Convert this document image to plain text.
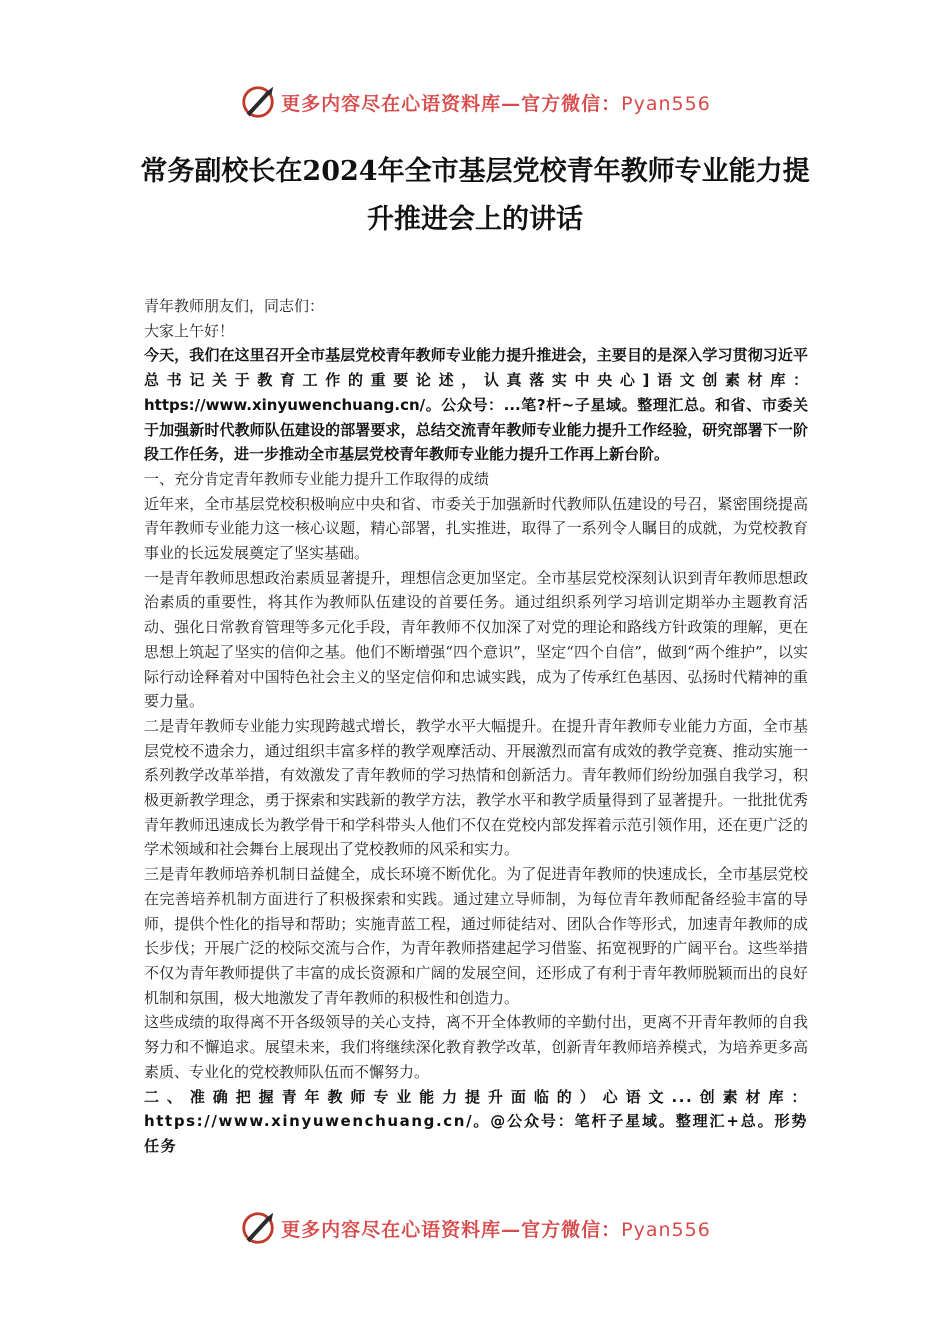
更多内容尽在心语资料库—官方微信：Pyan556
常务副校长在2024年全市基层党校青年教师专业能力提升推进会上的讲话

青年教师朋友们，同志们：

大家上午好！

今天，我们在这里召开全市基层党校青年教师专业能力提升推进会，主要目的是深入学习贯彻习近平总书记关于教育工作的重要论述，认真落实中央心]语文创素材库：https://www.xinyuwenchuang.cn/。公众号：...笔?杆~子星域。整理汇总。和省、市委关于加强新时代教师队伍建设的部署要求，总结交流青年教师专业能力提升工作经验，研究部署下一阶段工作任务，进一步推动全市基层党校青年教师专业能力提升工作再上新台阶。

一、充分肯定青年教师专业能力提升工作取得的成绩

近年来，全市基层党校积极响应中央和省、市委关于加强新时代教师队伍建设的号召，紧密围绕提高青年教师专业能力这一核心议题，精心部署，扎实推进，取得了一系列令人瞩目的成就，为党校教育事业的长远发展奠定了坚实基础。

一是青年教师思想政治素质显著提升，理想信念更加坚定。全市基层党校深刻认识到青年教师思想政治素质的重要性，将其作为教师队伍建设的首要任务。通过组织系列学习培训定期举办主题教育活动、强化日常教育管理等多元化手段，青年教师不仅加深了对党的理论和路线方针政策的理解，更在思想上筑起了坚实的信仰之基。他们不断增强“四个意识”，坚定“四个自信”，做到“两个维护”，以实际行动诠释着对中国特色社会主义的坚定信仰和忠诚实践，成为了传承红色基因、弘扬时代精神的重要力量。

二是青年教师专业能力实现跨越式增长，教学水平大幅提升。在提升青年教师专业能力方面，全市基层党校不遗余力，通过组织丰富多样的教学观摩活动、开展激烈而富有成效的教学竞赛、推动实施一系列教学改革举措，有效激发了青年教师的学习热情和创新活力。青年教师们纷纷加强自我学习，积极更新教学理念，勇于探索和实践新的教学方法，教学水平和教学质量得到了显著提升。一批批优秀青年教师迅速成长为教学骨干和学科带头人他们不仅在党校内部发挥着示范引领作用，还在更广泛的学术领域和社会舞台上展现出了党校教师的风采和实力。

三是青年教师培养机制日益健全，成长环境不断优化。为了促进青年教师的快速成长，全市基层党校在完善培养机制方面进行了积极探索和实践。通过建立导师制，为每位青年教师配备经验丰富的导师，提供个性化的指导和帮助；实施青蓝工程，通过师徒结对、团队合作等形式，加速青年教师的成长步伐；开展广泛的校际交流与合作，为青年教师搭建起学习借鉴、拓宽视野的广阔平台。这些举措不仅为青年教师提供了丰富的成长资源和广阔的发展空间，还形成了有利于青年教师脱颖而出的良好机制和氛围，极大地激发了青年教师的积极性和创造力。

这些成绩的取得离不开各级领导的关心支持，离不开全体教师的辛勤付出，更离不开青年教师的自我努力和不懈追求。展望未来，我们将继续深化教育教学改革，创新青年教师培养模式，为培养更多高素质、专业化的党校教师队伍而不懈努力。

二、准确把握青年教师专业能力提升面临的）心语文...创素材库：https://www.xinyuwenchuang.cn/。@公众号：笔杆子星域。整理汇+总。形势任务

更多内容尽在心语资料库—官方微信：Pyan556
